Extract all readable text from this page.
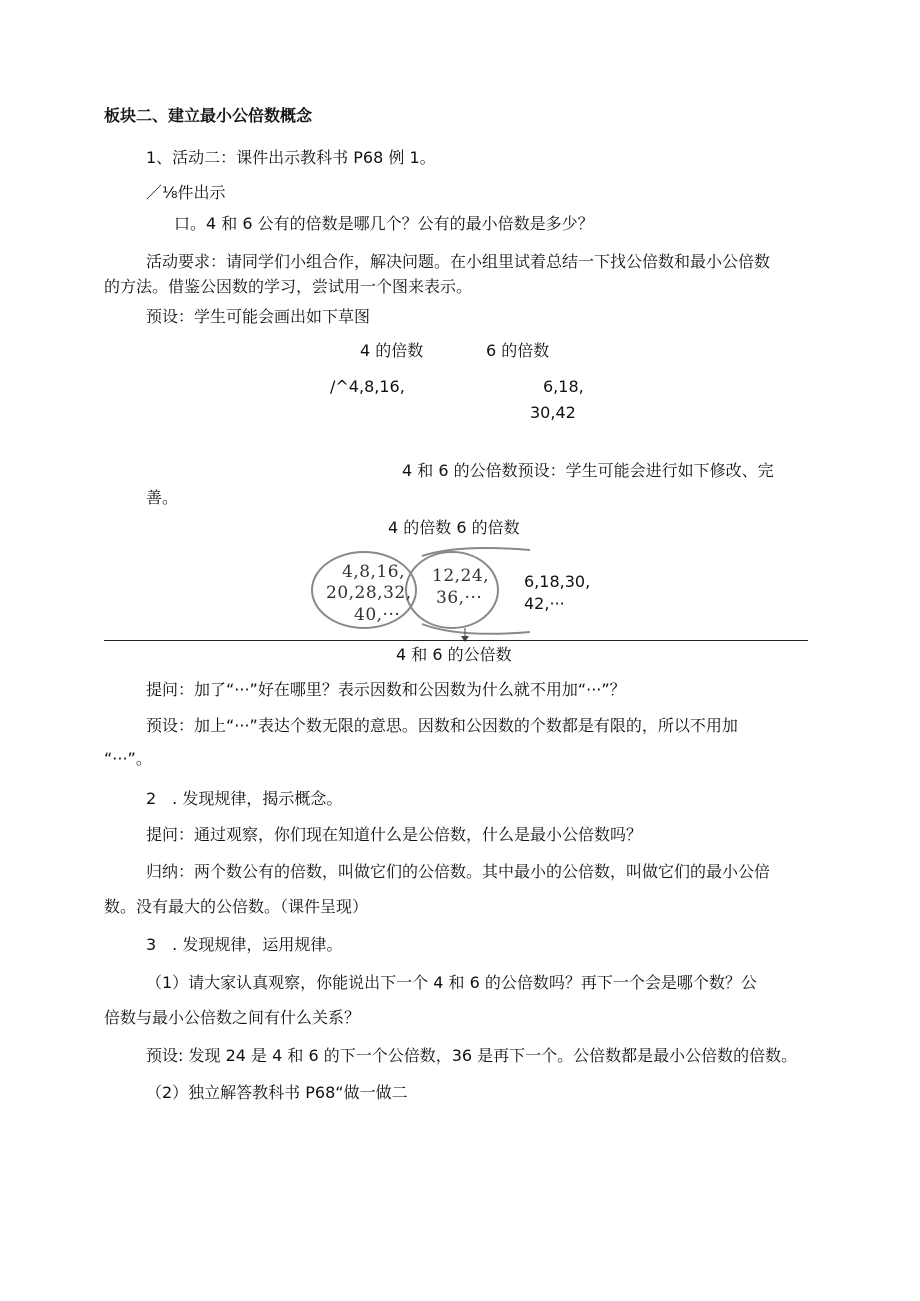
板块二、建立最小公倍数概念
1、活动二：课件出示教科书 P68 例 1。
／⅛件出示
口。4 和 6 公有的倍数是哪几个？公有的最小倍数是多少？
活动要求：请同学们小组合作，解决问题。在小组里试着总结一下找公倍数和最小公倍数
的方法。借鉴公因数的学习，尝试用一个图来表示。
预设：学生可能会画出如下草图
4 的倍数	6 的倍数
/^4,8,16,	6,18,
30,42
4 和 6 的公倍数预设：学生可能会进行如下修改、完
善。
4 的倍数 6 的倍数
4,8,16,
20,28,32,
40,···
12,24,
36,···
6,18,30,
42,···
4 和 6 的公倍数
提问：加了“···”好在哪里？表示因数和公因数为什么就不用加“···”？
预设：加上“···”表达个数无限的意思。因数和公因数的个数都是有限的，所以不用加
“···”。
2　. 发现规律，揭示概念。
提问：通过观察，你们现在知道什么是公倍数，什么是最小公倍数吗？
归纳：两个数公有的倍数，叫做它们的公倍数。其中最小的公倍数，叫做它们的最小公倍
数。没有最大的公倍数。（课件呈现）
3　. 发现规律，运用规律。
（1）请大家认真观察，你能说出下一个 4 和 6 的公倍数吗？再下一个会是哪个数？公
倍数与最小公倍数之间有什么关系？
预设: 发现 24 是 4 和 6 的下一个公倍数，36 是再下一个。公倍数都是最小公倍数的倍数。
（2）独立解答教科书 P68“做一做二
